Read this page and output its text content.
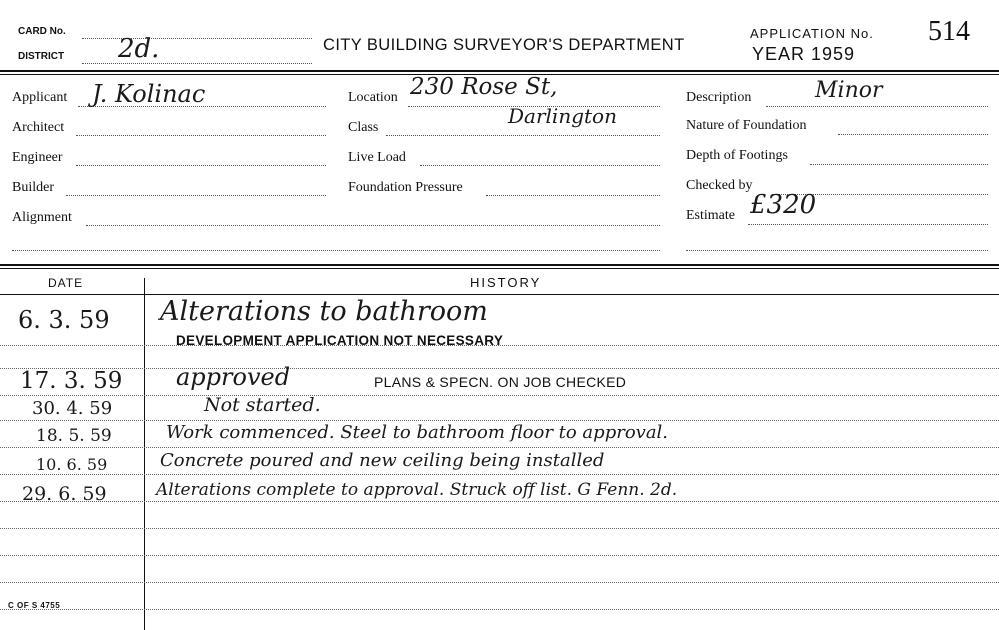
CARD No.
DISTRICT 2d.	CITY BUILDING SURVEYOR'S DEPARTMENT
APPLICATION No. 514
YEAR 1959
Applicant J. Kolinac
Architect
Engineer
Builder
Alignment
Location 230 Rose St,
Darlington
Class
Live Load
Foundation Pressure
Description	Minor
Nature of Foundation
Depth of Footings
Checked by
Estimate £320
DATE	HISTORY
6. 3. 59 Alterations to bathroom
DEVELOPMENT APPLICATION NOT NECESSARY
17. 3. 59 approved	PLANS & SPECN. ON JOB CHECKED
30. 4. 59	Not started.
18. 5. 59	Work commenced. Steel to bathroom floor to approval.
10. 6. 59	Concrete poured and new ceiling being installed
29. 6. 59	Alterations complete to approval. Struck off list. G Fenn. 2d.
C OF S 4755
